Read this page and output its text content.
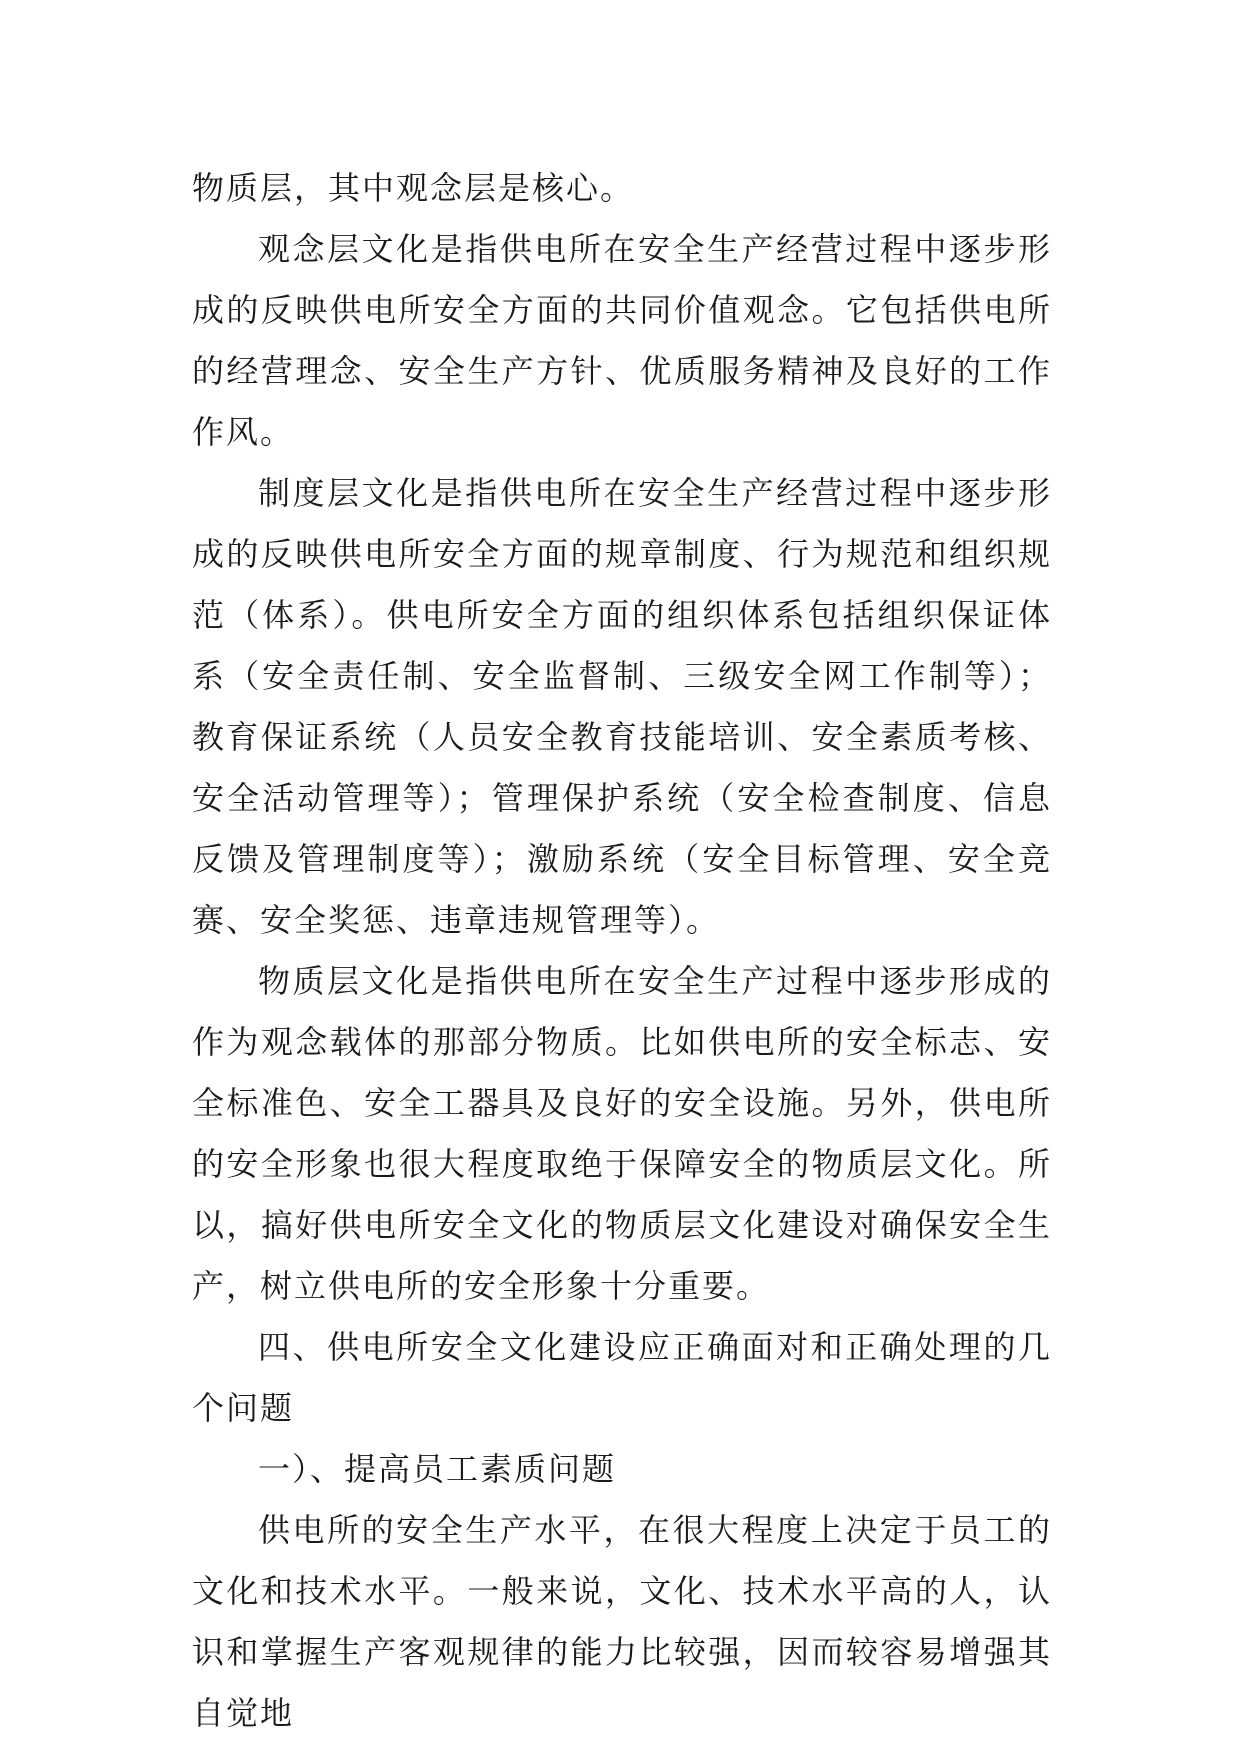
物质层，其中观念层是核心。

观念层文化是指供电所在安全生产经营过程中逐步形成的反映供电所安全方面的共同价值观念。它包括供电所的经营理念、安全生产方针、优质服务精神及良好的工作作风。

制度层文化是指供电所在安全生产经营过程中逐步形成的反映供电所安全方面的规章制度、行为规范和组织规范（体系）。供电所安全方面的组织体系包括组织保证体系（安全责任制、安全监督制、三级安全网工作制等）；教育保证系统（人员安全教育技能培训、安全素质考核、安全活动管理等）；管理保护系统（安全检查制度、信息反馈及管理制度等）；激励系统（安全目标管理、安全竞赛、安全奖惩、违章违规管理等）。

物质层文化是指供电所在安全生产过程中逐步形成的作为观念载体的那部分物质。比如供电所的安全标志、安全标准色、安全工器具及良好的安全设施。另外，供电所的安全形象也很大程度取绝于保障安全的物质层文化。所以，搞好供电所安全文化的物质层文化建设对确保安全生产，树立供电所的安全形象十分重要。

四、供电所安全文化建设应正确面对和正确处理的几个问题

一）、提高员工素质问题

供电所的安全生产水平，在很大程度上决定于员工的文化和技术水平。一般来说，文化、技术水平高的人，认识和掌握生产客观规律的能力比较强，因而较容易增强其自觉地
